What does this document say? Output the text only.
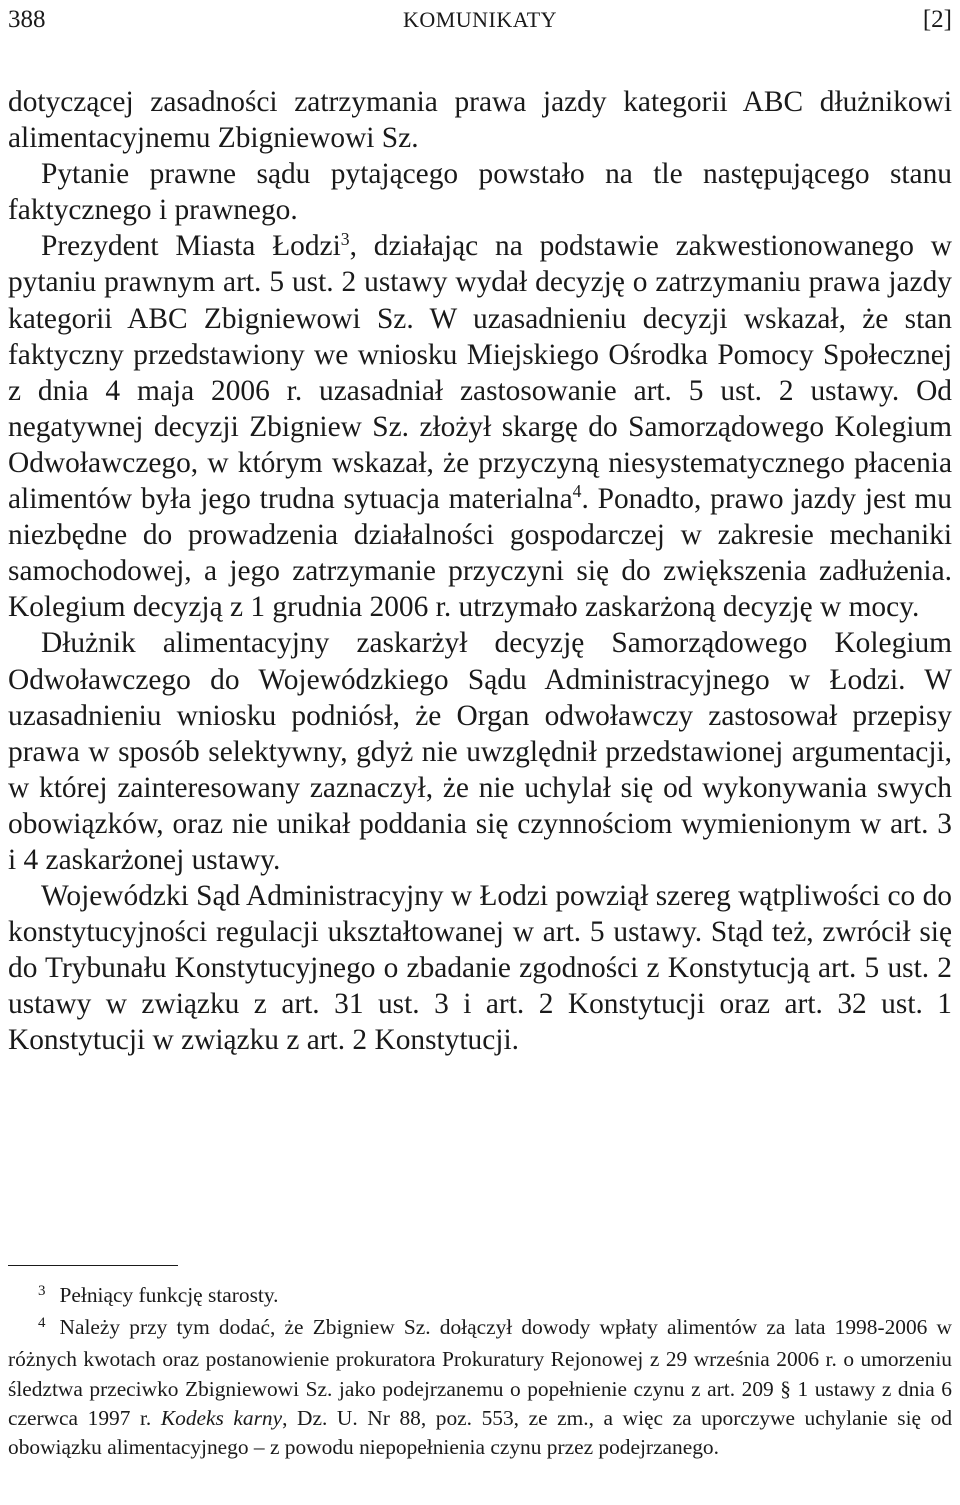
388	KOMUNIKATY	[2]

dotyczącej zasadności zatrzymania prawa jazdy kategorii ABC dłużnikowi alimentacyjnemu Zbigniewowi Sz.

Pytanie prawne sądu pytającego powstało na tle następującego stanu faktycznego i prawnego.

Prezydent Miasta Łodzi$^3$, działając na podstawie zakwestionowanego w pytaniu prawnym art. 5 ust. 2 ustawy wydał decyzję o zatrzymaniu prawa jazdy kategorii ABC Zbigniewowi Sz. W uzasadnieniu decyzji wskazał, że stan faktyczny przedstawiony we wniosku Miejskiego Ośrodka Pomocy Społecznej z dnia 4 maja 2006 r. uzasadniał zastosowanie art. 5 ust. 2 ustawy. Od negatywnej decyzji Zbigniew Sz. złożył skargę do Samorządowego Kolegium Odwoławczego, w którym wskazał, że przyczyną niesystematycznego płacenia alimentów była jego trudna sytuacja materialna$^4$. Ponadto, prawo jazdy jest mu niezbędne do prowadzenia działalności gospodarczej w zakresie mechaniki samochodowej, a jego zatrzymanie przyczyni się do zwiększenia zadłużenia. Kolegium decyzją z 1 grudnia 2006 r. utrzymało zaskarżoną decyzję w mocy.

Dłużnik alimentacyjny zaskarżył decyzję Samorządowego Kolegium Odwoławczego do Wojewódzkiego Sądu Administracyjnego w Łodzi. W uzasadnieniu wniosku podniósł, że Organ odwoławczy zastosował przepisy prawa w sposób selektywny, gdyż nie uwzględnił przedstawionej argumentacji, w której zainteresowany zaznaczył, że nie uchylał się od wykonywania swych obowiązków, oraz nie unikał poddania się czynnościom wymienionym w art. 3 i 4 zaskarżonej ustawy.

Wojewódzki Sąd Administracyjny w Łodzi powziął szereg wątpliwości co do konstytucyjności regulacji ukształtowanej w art. 5 ustawy. Stąd też, zwrócił się do Trybunału Konstytucyjnego o zbadanie zgodności z Konstytucją art. 5 ust. 2 ustawy w związku z art. 31 ust. 3 i art. 2 Konstytucji oraz art. 32 ust. 1 Konstytucji w związku z art. 2 Konstytucji.

$^3$ Pełniący funkcję starosty.

$^4$ Należy przy tym dodać, że Zbigniew Sz. dołączył dowody wpłaty alimentów za lata 1998-2006 w różnych kwotach oraz postanowienie prokuratora Prokuratury Rejonowej z 29 września 2006 r. o umorzeniu śledztwa przeciwko Zbigniewowi Sz. jako podejrzanemu o popełnienie czynu z art. 209 § 1 ustawy z dnia 6 czerwca 1997 r. Kodeks karny, Dz. U. Nr 88, poz. 553, ze zm., a więc za uporczywe uchylanie się od obowiązku alimentacyjnego – z powodu niepopełnienia czynu przez podejrzanego.
